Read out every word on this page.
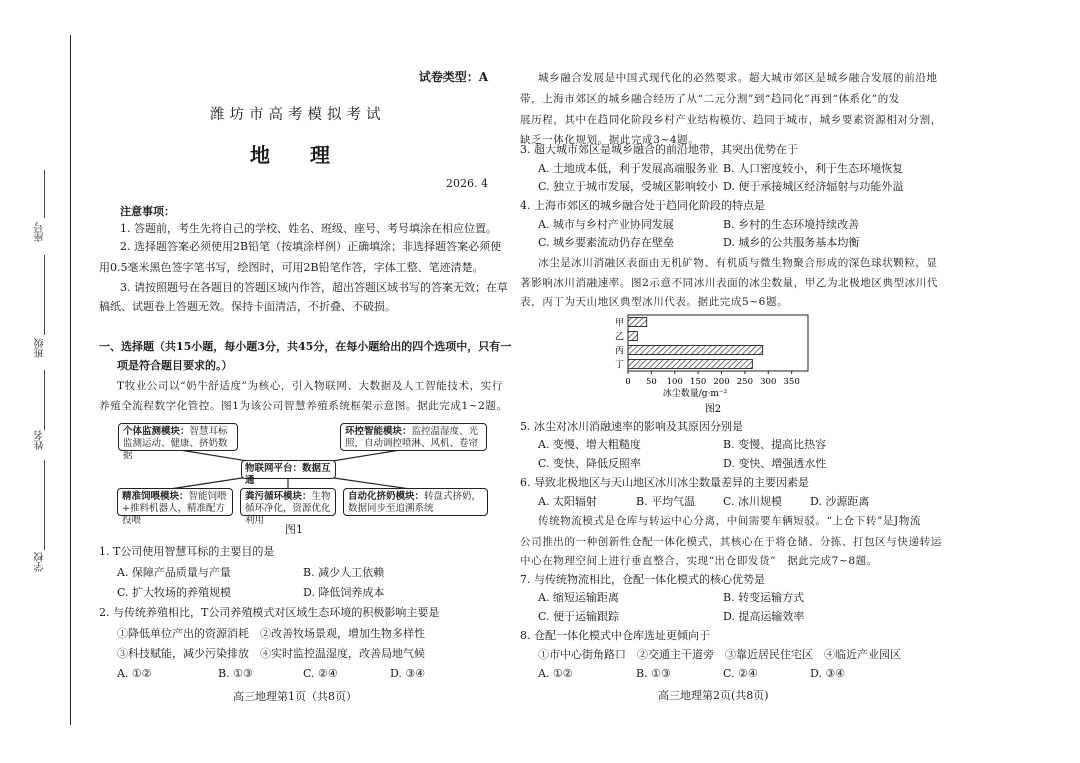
座号
班级
姓名
学校
试卷类型：A
潍坊市高考模拟考试
地　　理
2026. 4
注意事项：
1. 答题前，考生先将自己的学校、姓名、班级、座号、考号填涂在相应位置。
2. 选择题答案必须使用2B铅笔（按填涂样例）正确填涂；非选择题答案必须使
用0.5毫米黑色签字笔书写，绘图时，可用2B铅笔作答，字体工整、笔迹清楚。
3. 请按照题号在各题目的答题区域内作答，超出答题区域书写的答案无效；在草
稿纸、试题卷上答题无效。保持卡面清洁，不折叠、不破损。
一、选择题（共15小题，每小题3分，共45分，在每小题给出的四个选项中，只有一
项是符合题目要求的。）
T牧业公司以“奶牛舒适度”为核心，引入物联网、大数据及人工智能技术，实行
养殖全流程数字化管控。图1为该公司智慧养殖系统框架示意图。据此完成1~2题。
个体监测模块：智慧耳标监测运动、健康、挤奶数据
环控智能模块：监控温湿度、光照，自动调控喷淋、风机、卷帘
物联网平台：数据互通
精准饲喂模块：智能饲喂+推料机器人，精准配方投喂
粪污循环模块：生物循环净化，资源优化利用
自动化挤奶模块：转盘式挤奶，数据同步至追溯系统
图1
1. T公司使用智慧耳标的主要目的是
A. 保障产品质量与产量	B. 减少人工依赖
C. 扩大牧场的养殖规模	D. 降低饲养成本
2. 与传统养殖相比，T公司养殖模式对区域生态环境的积极影响主要是
①降低单位产出的资源消耗　②改善牧场景观，增加生物多样性
③科技赋能，减少污染排放　④实时监控温湿度，改善局地气候
A. ①②	B. ①③	C. ②④	D. ③④
高三地理第1页（共8页）
城乡融合发展是中国式现代化的必然要求。超大城市郊区是城乡融合发展的前沿地
带，上海市郊区的城乡融合经历了从“二元分割”到“趋同化”再到“体系化”的发
展历程，其中在趋同化阶段乡村产业结构模仿、趋同于城市，城乡要素资源相对分割，
缺乏一体化规划。据此完成3~4题。
3. 超大城市郊区是城乡融合的前沿地带，其突出优势在于
A. 土地成本低，利于发展高端服务业 B. 人口密度较小，利于生态环境恢复
C. 独立于城市发展，受城区影响较小 D. 便于承接城区经济辐射与功能外溢
4. 上海市郊区的城乡融合处于趋同化阶段的特点是
A. 城市与乡村产业协同发展	B. 乡村的生态环境持续改善
C. 城乡要素流动仍存在壁垒	D. 城乡的公共服务基本均衡
冰尘是冰川消融区表面由无机矿物、有机质与微生物聚合形成的深色球状颗粒，显
著影响冰川消融速率。图2示意不同冰川表面的冰尘数量，甲乙为北极地区典型冰川代
表，丙丁为天山地区典型冰川代表。据此完成5~6题。
甲
乙
丙
丁
0 50 100 150 200 250 300 350
冰尘数量/g·m⁻²
图2
5. 冰尘对冰川消融速率的影响及其原因分别是
A. 变慢、增大粗糙度	B. 变慢、提高比热容
C. 变快、降低反照率	D. 变快、增强透水性
6. 导致北极地区与天山地区冰川冰尘数量差异的主要因素是
A. 太阳辐射	B. 平均气温	C. 冰川规模	D. 沙源距离
传统物流模式是仓库与转运中心分离，中间需要车辆短驳。“上仓下转”是J物流
公司推出的一种创新性仓配一体化模式，其核心在于将仓储、分拣、打包区与快递转运
中心在物理空间上进行垂直整合，实现“出仓即发货”　据此完成7~8题。
7. 与传统物流相比，仓配一体化模式的核心优势是
A. 缩短运输距离	B. 转变运输方式
C. 便于运输跟踪	D. 提高运输效率
8. 仓配一体化模式中仓库选址更倾向于
①市中心街角路口　②交通主干道旁　③靠近居民住宅区　④临近产业园区
A. ①②	B. ①③	C. ②④	D. ③④
高三地理第2页(共8页)
